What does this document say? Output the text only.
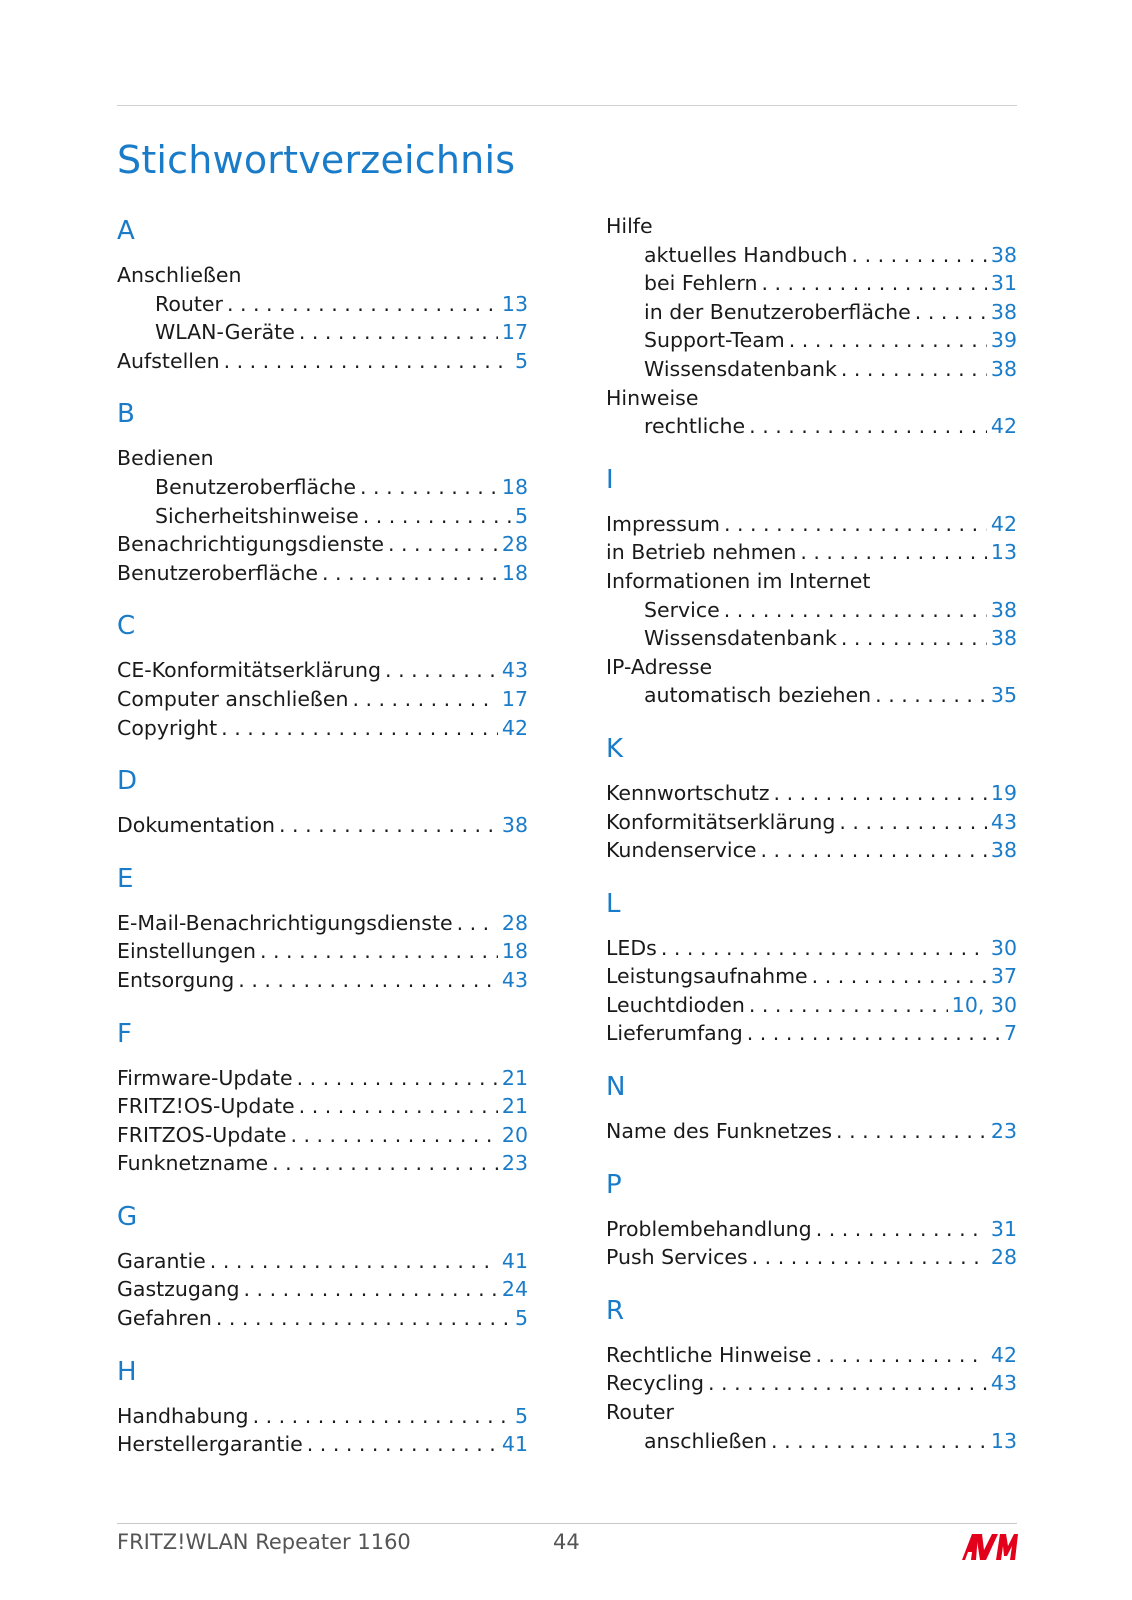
Stichwortverzeichnis
A
Anschließen
Router . . .	13
WLAN-Geräte . . .	17
Aufstellen . . .	5
B
Bedienen
Benutzeroberfläche . . .	18
Sicherheitshinweise . . .	5
Benachrichtigungsdienste . . .	28
Benutzeroberfläche . . .	18
C
CE-Konformitätserklärung . . .	43
Computer anschließen . . .	17
Copyright . . .	42
D
Dokumentation . . .	38
E
E-Mail-Benachrichtigungsdienste . . . 28
Einstellungen . . .	18
Entsorgung . . .	43
F
Firmware-Update . . .	21
FRITZ!OS-Update . . .	21
FRITZOS-Update . . .	20
Funknetzname . . .	23
G
Garantie . . .	41
Gastzugang . . .	24
Gefahren . . .	5
H
Handhabung . . .	5
Herstellergarantie . . .	41
Hilfe
aktuelles Handbuch . . .	38
bei Fehlern . . .	31
in der Benutzeroberfläche . . .	38
Support-Team . . .	39
Wissensdatenbank . . .	38
Hinweise
rechtliche . . .	42
I
Impressum . . .	42
in Betrieb nehmen . . .	13
Informationen im Internet
Service . . .	38
Wissensdatenbank . . .	38
IP-Adresse
automatisch beziehen . . .	35
K
Kennwortschutz . . .	19
Konformitätserklärung . . .	43
Kundenservice . . .	38
L
LEDs . . .	30
Leistungsaufnahme . . .	37
Leuchtdioden . . .	10, 30
Lieferumfang . . .	7
N
Name des Funknetzes . . .	23
P
Problembehandlung . . .	31
Push Services . . .	28
R
Rechtliche Hinweise . . .	42
Recycling . . .	43
Router
anschließen . . .	13
FRITZ!WLAN Repeater 1160	44
